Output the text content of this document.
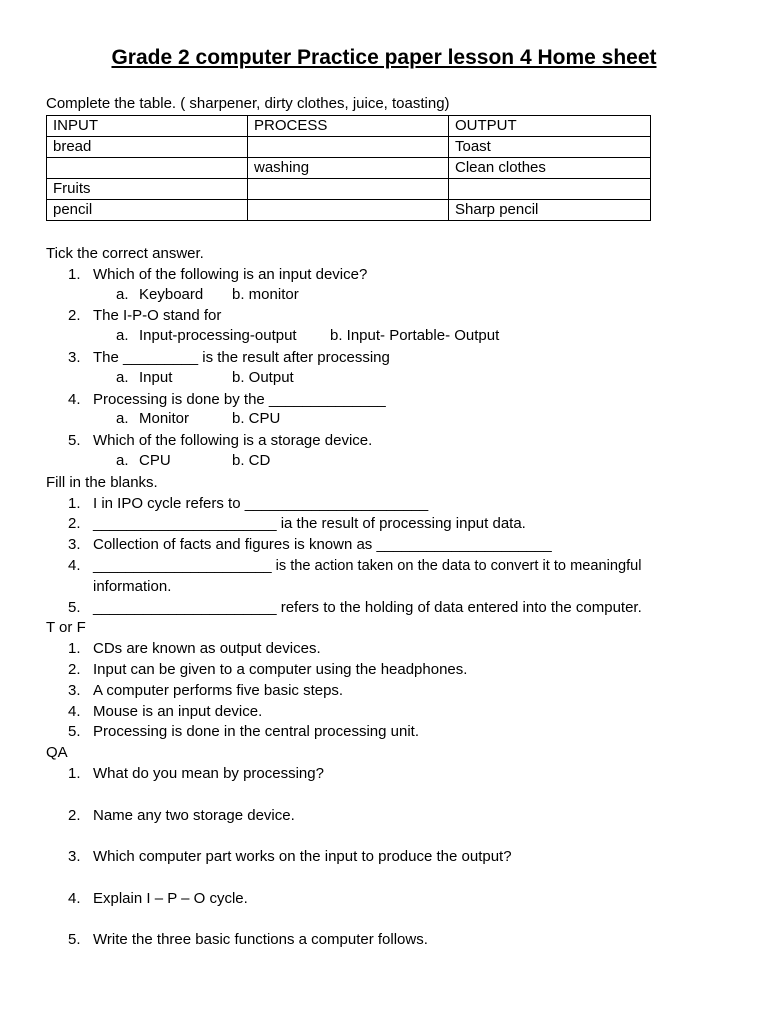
Grade 2 computer Practice paper lesson 4 Home sheet
Complete the table. ( sharpener, dirty clothes, juice, toasting)
INPUT	PROCESS	OUTPUT
bread		Toast
	washing	Clean clothes
Fruits		
pencil		Sharp pencil
Tick the correct answer.
1. Which of the following is an input device?
a. Keyboard b. monitor
2. The I-P-O stand for
a. Input-processing-output b. Input- Portable- Output
3. The _________ is the result after processing
a. Input	b. Output
4. Processing is done by the ______________
a. Monitor	b. CPU
5. Which of the following is a storage device.
a. CPU	b. CD
Fill in the blanks.
1. I in IPO cycle refers to ______________________
2. ______________________ ia the result of processing input data.
3. Collection of facts and figures is known as _____________________
4. ______________________ is the action taken on the data to convert it to meaningful
information.
5. ______________________ refers to the holding of data entered into the computer.
T or F
1. CDs are known as output devices.
2. Input can be given to a computer using the headphones.
3. A computer performs five basic steps.
4. Mouse is an input device.
5. Processing is done in the central processing unit.
QA
1. What do you mean by processing?
2. Name any two storage device.
3. Which computer part works on the input to produce the output?
4. Explain I – P – O cycle.
5. Write the three basic functions a computer follows.
